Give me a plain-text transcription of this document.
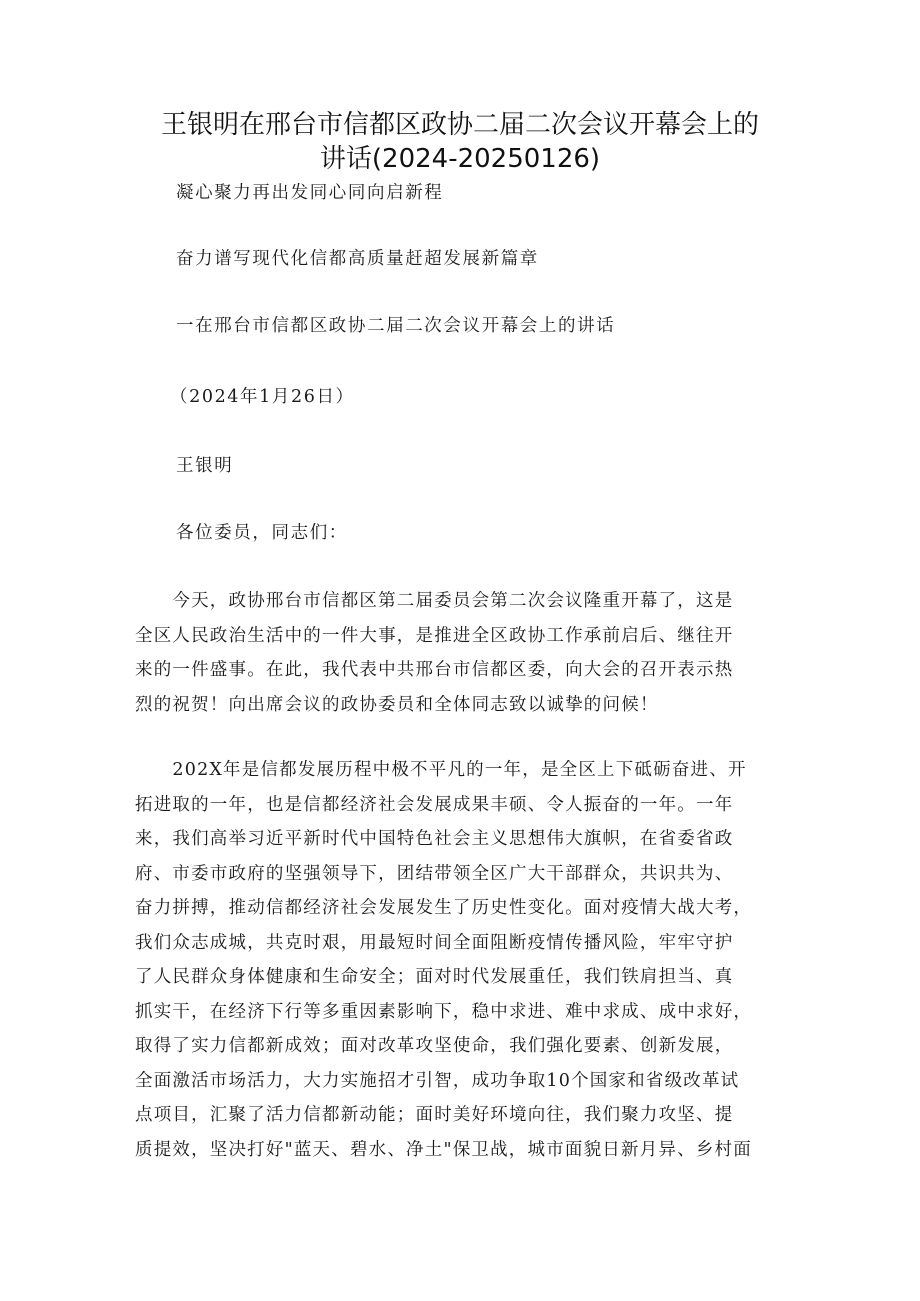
王银明在邢台市信都区政协二届二次会议开幕会上的
讲话(2024-20250126)

凝心聚力再出发同心同向启新程

奋力谱写现代化信都高质量赶超发展新篇章

一在邢台市信都区政协二届二次会议开幕会上的讲话

（2024年1月26日）

王银明

各位委员，同志们：

　　今天，政协邢台市信都区第二届委员会第二次会议隆重开幕了，这是
全区人民政治生活中的一件大事，是推进全区政协工作承前启后、继往开
来的一件盛事。在此，我代表中共邢台市信都区委，向大会的召开表示热
烈的祝贺！向出席会议的政协委员和全体同志致以诚挚的问候！
　　202X年是信都发展历程中极不平凡的一年，是全区上下砥砺奋进、开
拓进取的一年，也是信都经济社会发展成果丰硕、令人振奋的一年。一年
来，我们高举习近平新时代中国特色社会主义思想伟大旗帜，在省委省政
府、市委市政府的坚强领导下，团结带领全区广大干部群众，共识共为、
奋力拼搏，推动信都经济社会发展发生了历史性变化。面对疫情大战大考，
我们众志成城，共克时艰，用最短时间全面阻断疫情传播风险，牢牢守护
了人民群众身体健康和生命安全；面对时代发展重任，我们铁肩担当、真
抓实干，在经济下行等多重因素影响下，稳中求进、难中求成、成中求好，
取得了实力信都新成效；面对改革攻坚使命，我们强化要素、创新发展，
全面激活市场活力，大力实施招才引智，成功争取10个国家和省级改革试
点项目，汇聚了活力信都新动能；面时美好环境向往，我们聚力攻坚、提
质提效，坚决打好"蓝天、碧水、净土"保卫战，城市面貌日新月异、乡村面
